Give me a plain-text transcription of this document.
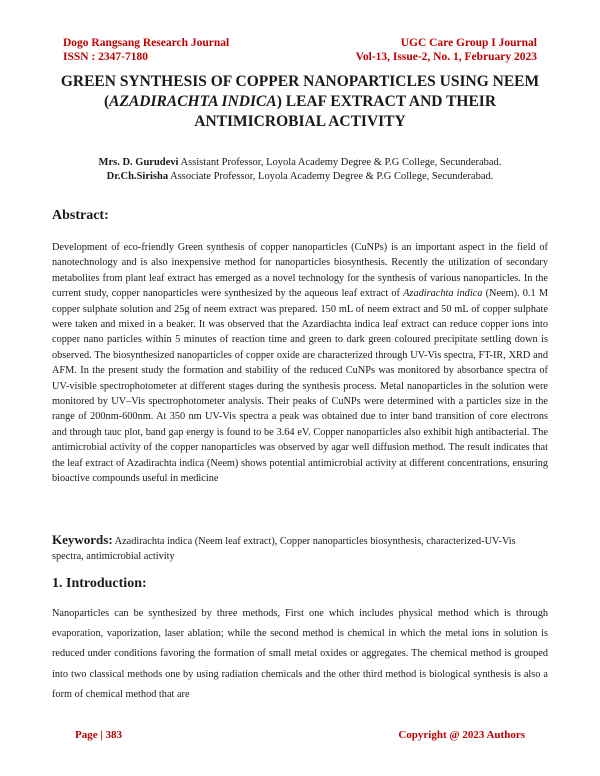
Dogo Rangsang Research Journal
ISSN : 2347-7180
UGC Care Group I Journal
Vol-13, Issue-2, No. 1, February 2023
GREEN SYNTHESIS OF COPPER NANOPARTICLES USING NEEM
(AZADIRACHTA INDICA) LEAF EXTRACT AND THEIR
ANTIMICROBIAL ACTIVITY
Mrs. D. Gurudevi Assistant Professor, Loyola Academy Degree & P.G College, Secunderabad.
Dr.Ch.Sirisha Associate Professor, Loyola Academy Degree & P.G College, Secunderabad.
Abstract:

Development of eco-friendly Green synthesis of copper nanoparticles (CuNPs) is an important aspect in the field of nanotechnology and is also inexpensive method for nanoparticles biosynthesis. Recently the utilization of secondary metabolites from plant leaf extract has emerged as a novel technology for the synthesis of various nanoparticles. In the current study, copper nanoparticles were synthesized by the aqueous leaf extract of Azadirachta indica (Neem). 0.1 M copper sulphate solution and 25g of neem extract was prepared. 150 mL of neem extract and 50 mL of copper sulphate were taken and mixed in a beaker. It was observed that the Azardiachta indica leaf extract can reduce copper ions into copper nano particles within 5 minutes of reaction time and green to dark green coloured precipitate settling down is observed. The biosynthesized nanoparticles of copper oxide are characterized through UV-Vis spectra, FT-IR, XRD and AFM. In the present study the formation and stability of the reduced CuNPs was monitored by absorbance spectra of UV-visible spectrophotometer at different stages during the synthesis process. Metal nanoparticles in the solution were monitored by UV–Vis spectrophotometer analysis. Their peaks of CuNPs were determined with a particles size in the range of 200nm-600nm. At 350 nm UV-Vis spectra a peak was obtained due to inter band transition of core electrons and through tauc plot, band gap energy is found to be 3.64 eV. Copper nanoparticles also exhibit high antibacterial. The antimicrobial activity of the copper nanoparticles was observed by agar well diffusion method. The result indicates that the leaf extract of Azadirachta indica (Neem) shows potential antimicrobial activity at different concentrations, ensuring bioactive compounds useful in medicine

Keywords: Azadirachta indica (Neem leaf extract), Copper nanoparticles biosynthesis, characterized-UV-Vis spectra, antimicrobial activity
1. Introduction:

Nanoparticles can be synthesized by three methods, First one which includes physical method which is through evaporation, vaporization, laser ablation; while the second method is chemical in which the metal ions in solution is reduced under conditions favoring the formation of small metal oxides or aggregates. The chemical method is grouped into two classical methods one by using radiation chemicals and the other third method is biological synthesis is also a form of chemical method that are

Page | 383	Copyright @ 2023 Authors
